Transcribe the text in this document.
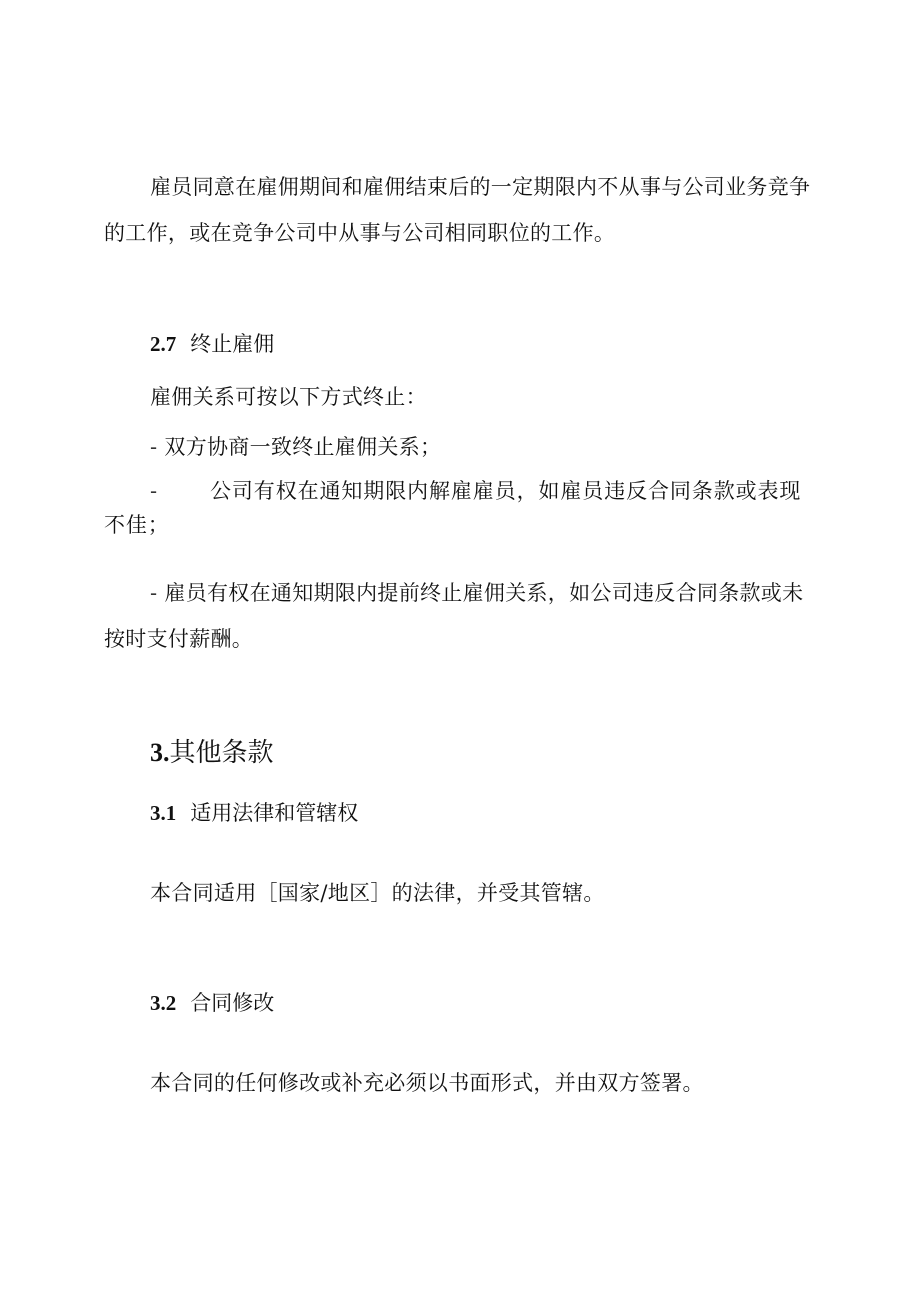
雇员同意在雇佣期间和雇佣结束后的一定期限内不从事与公司业务竞争的工作，或在竞争公司中从事与公司相同职位的工作。

2.7 终止雇佣

雇佣关系可按以下方式终止：

- 双方协商一致终止雇佣关系；

- 公司有权在通知期限内解雇雇员，如雇员违反合同条款或表现不佳；

- 雇员有权在通知期限内提前终止雇佣关系，如公司违反合同条款或未按时支付薪酬。

3.其他条款
3.1 适用法律和管辖权

本合同适用［国家/地区］的法律，并受其管辖。

3.2 合同修改

本合同的任何修改或补充必须以书面形式，并由双方签署。
